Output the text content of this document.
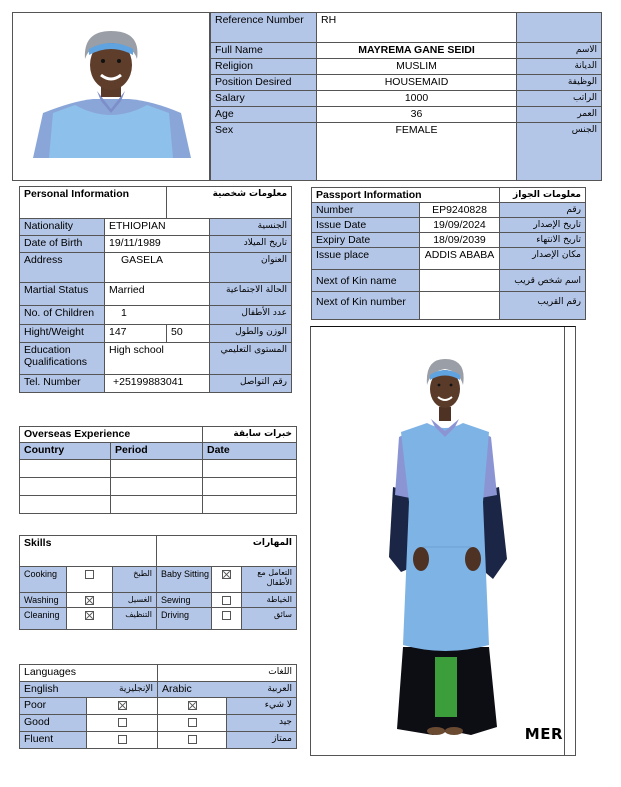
Reference Number	RH	
Full Name	MAYREMA GANE SEIDI	الاسم
Religion	MUSLIM	الديانة
Position Desired	HOUSEMAID	الوظيفة
Salary	1000	الراتب
Age	36	العمر
Sex	FEMALE	الجنس
Personal Information		معلومات شخصية	
Nationality	ETHIOPIAN		الجنسية
Date of Birth	19/11/1989		تاريخ الميلاد
Address	GASELA		العنوان
Martial Status	Married		الحالة الاجتماعية
No. of Children	1		عدد الأطفال
Hight/Weight	147	50	الوزن والطول
Education Qualifications	High school		المستوى التعليمي
Tel. Number	+25199883041		رقم التواصل
Passport Information		معلومات الجواز
Number	EP9240828	رقم
Issue Date	19/09/2024	تاريخ الإصدار
Expiry Date	18/09/2039	تاريخ الانتهاء
Issue place	ADDIS ABABA	مكان الإصدار
Next of Kin name		اسم شخص قريب
Next of Kin number		رقم القريب
MER
Overseas Experience		خبرات سابقة
Country	Period	Date

Skills			المهارات		
Cooking		الطبخ	Baby Sitting		التعامل مع الأطفال
Washing		الغسيل	Sewing		الخياطة
Cleaning		التنظيف	Driving		سائق
Languages		اللغات	
English	الإنجليزية	Arabic	العربية
Poor			لا شيء
Good			جيد
Fluent			ممتاز
